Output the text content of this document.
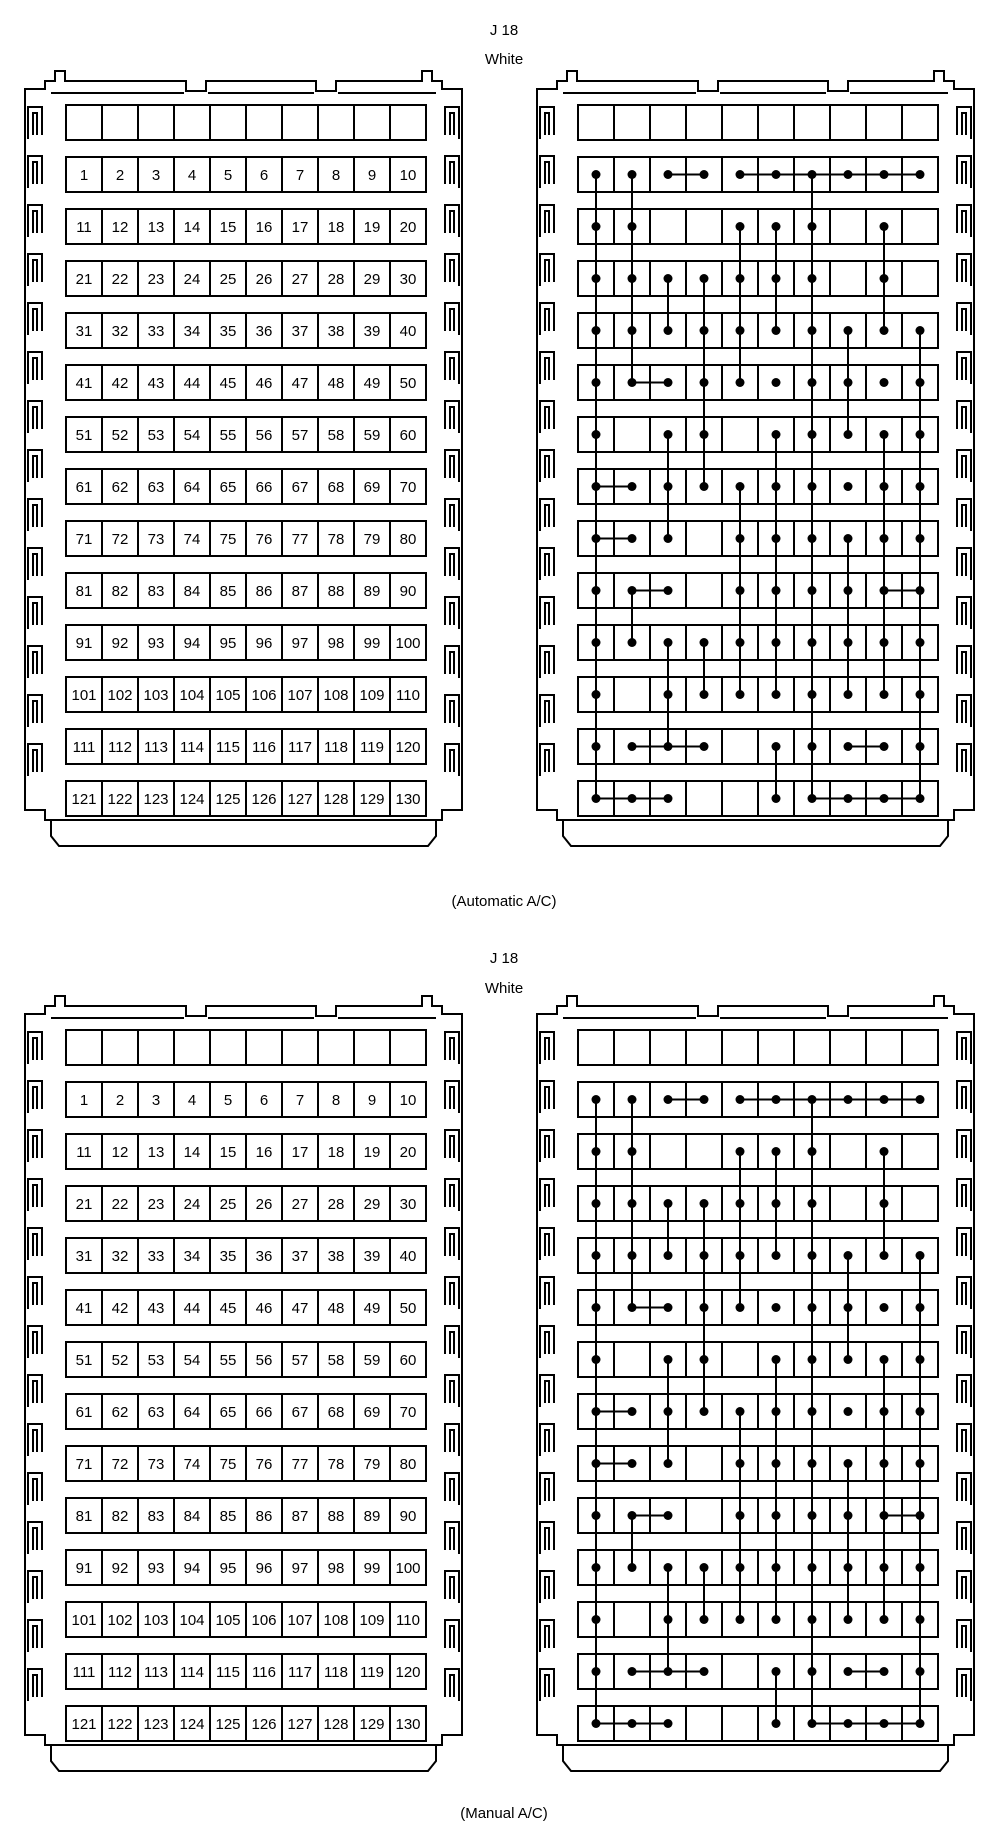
J 18
White
(Automatic A/C)
J 18
White
(Manual A/C)
1 2 3 4 5 6 7 8 9 10
11 12 13 14 15 16 17 18 19 20
21 22 23 24 25 26 27 28 29 30
31 32 33 34 35 36 37 38 39 40
41 42 43 44 45 46 47 48 49 50
51 52 53 54 55 56 57 58 59 60
61 62 63 64 65 66 67 68 69 70
71 72 73 74 75 76 77 78 79 80
81 82 83 84 85 86 87 88 89 90
91 92 93 94 95 96 97 98 99 100
101 102 103 104 105 106 107 108 109 110
111 112 113 114 115 116 117 118 119 120
121 122 123 124 125 126 127 128 129 130
1 2 3 4 5 6 7 8 9 10
11 12 13 14 15 16 17 18 19 20
21 22 23 24 25 26 27 28 29 30
31 32 33 34 35 36 37 38 39 40
41 42 43 44 45 46 47 48 49 50
51 52 53 54 55 56 57 58 59 60
61 62 63 64 65 66 67 68 69 70
71 72 73 74 75 76 77 78 79 80
81 82 83 84 85 86 87 88 89 90
91 92 93 94 95 96 97 98 99 100
101 102 103 104 105 106 107 108 109 110
111 112 113 114 115 116 117 118 119 120
121 122 123 124 125 126 127 128 129 130
